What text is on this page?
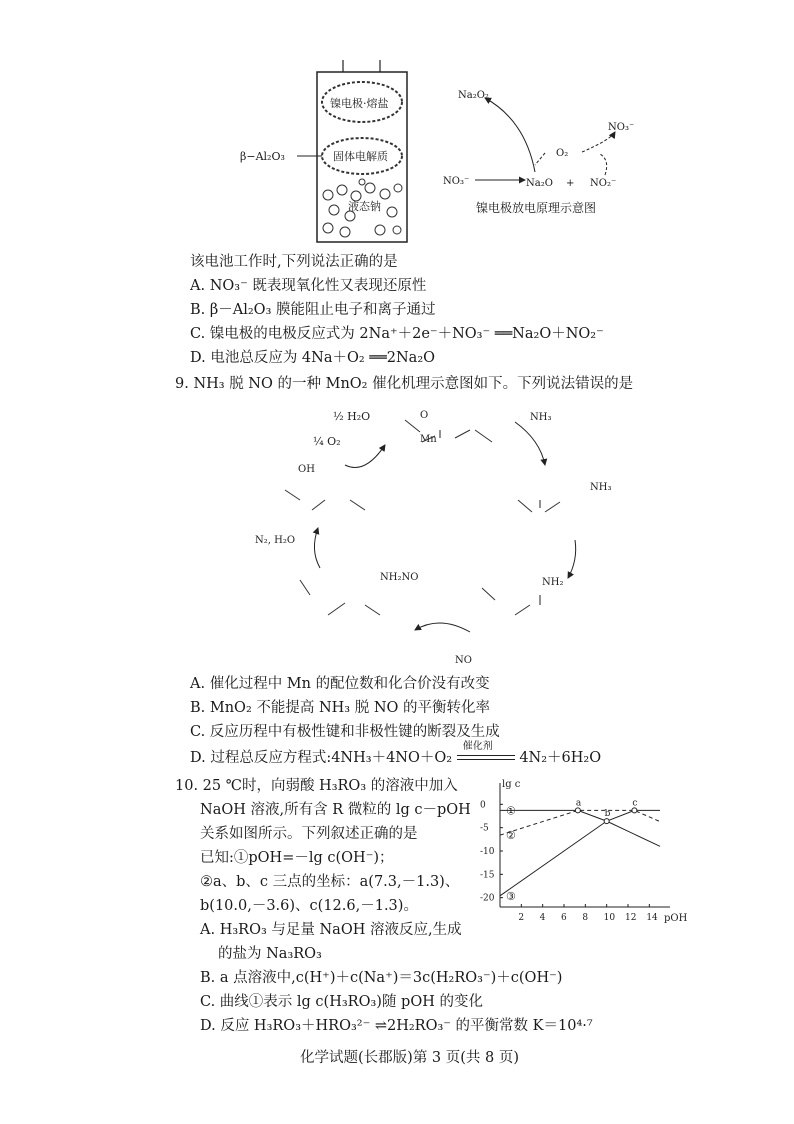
镍电极·熔盐
固体电解质
液态钠
β−Al₂O₃
Na₂O₂
NO₃⁻
O₂
NO₃⁻	Na₂O + NO₂⁻
镍电极放电原理示意图
该电池工作时,下列说法正确的是
A. NO₃⁻ 既表现氧化性又表现还原性
B. β－Al₂O₃ 膜能阻止电子和离子通过
C. 镍电极的电极反应式为 2Na⁺＋2e⁻＋NO₃⁻ ══Na₂O＋NO₂⁻
D. 电池总反应为 4Na＋O₂ ══2Na₂O
9. NH₃ 脱 NO 的一种 MnO₂ 催化机理示意图如下。下列说法错误的是
½ H₂O
¼ O₂
NH₃
NO
N₂, H₂O
O
Mn
OH
NH₃
NH₂NO	NH₂
A. 催化过程中 Mn 的配位数和化合价没有改变
B. MnO₂ 不能提高 NH₃ 脱 NO 的平衡转化率
C. 反应历程中有极性键和非极性键的断裂及生成
D. 过程总反应方程式:4NH₃＋4NO＋O₂
催化剂
4N₂＋6H₂O
10. 25 ℃时，向弱酸 H₃RO₃ 的溶液中加入
NaOH 溶液,所有含 R 微粒的 lg c－pOH
关系如图所示。下列叙述正确的是
已知:①pOH=－lg c(OH⁻)；
②a、b、c 三点的坐标：a(7.3,－1.3)、
b(10.0,－3.6)、c(12.6,－1.3)。
A. H₃RO₃ 与足量 NaOH 溶液反应,生成
的盐为 Na₃RO₃
B. a 点溶液中,c(H⁺)＋c(Na⁺)＝3c(H₂RO₃⁻)＋c(OH⁻)
C. 曲线①表示 lg c(H₃RO₃)随 pOH 的变化
D. 反应 H₃RO₃＋HRO₃²⁻ ⇌2H₂RO₃⁻ 的平衡常数 K＝10⁴·⁷
lg c
pOH
2 4 6 8 10 12 14
0
-5
-10
-15
-20
①
②
③
a
b
c
化学试题(长郡版)第 3 页(共 8 页)
